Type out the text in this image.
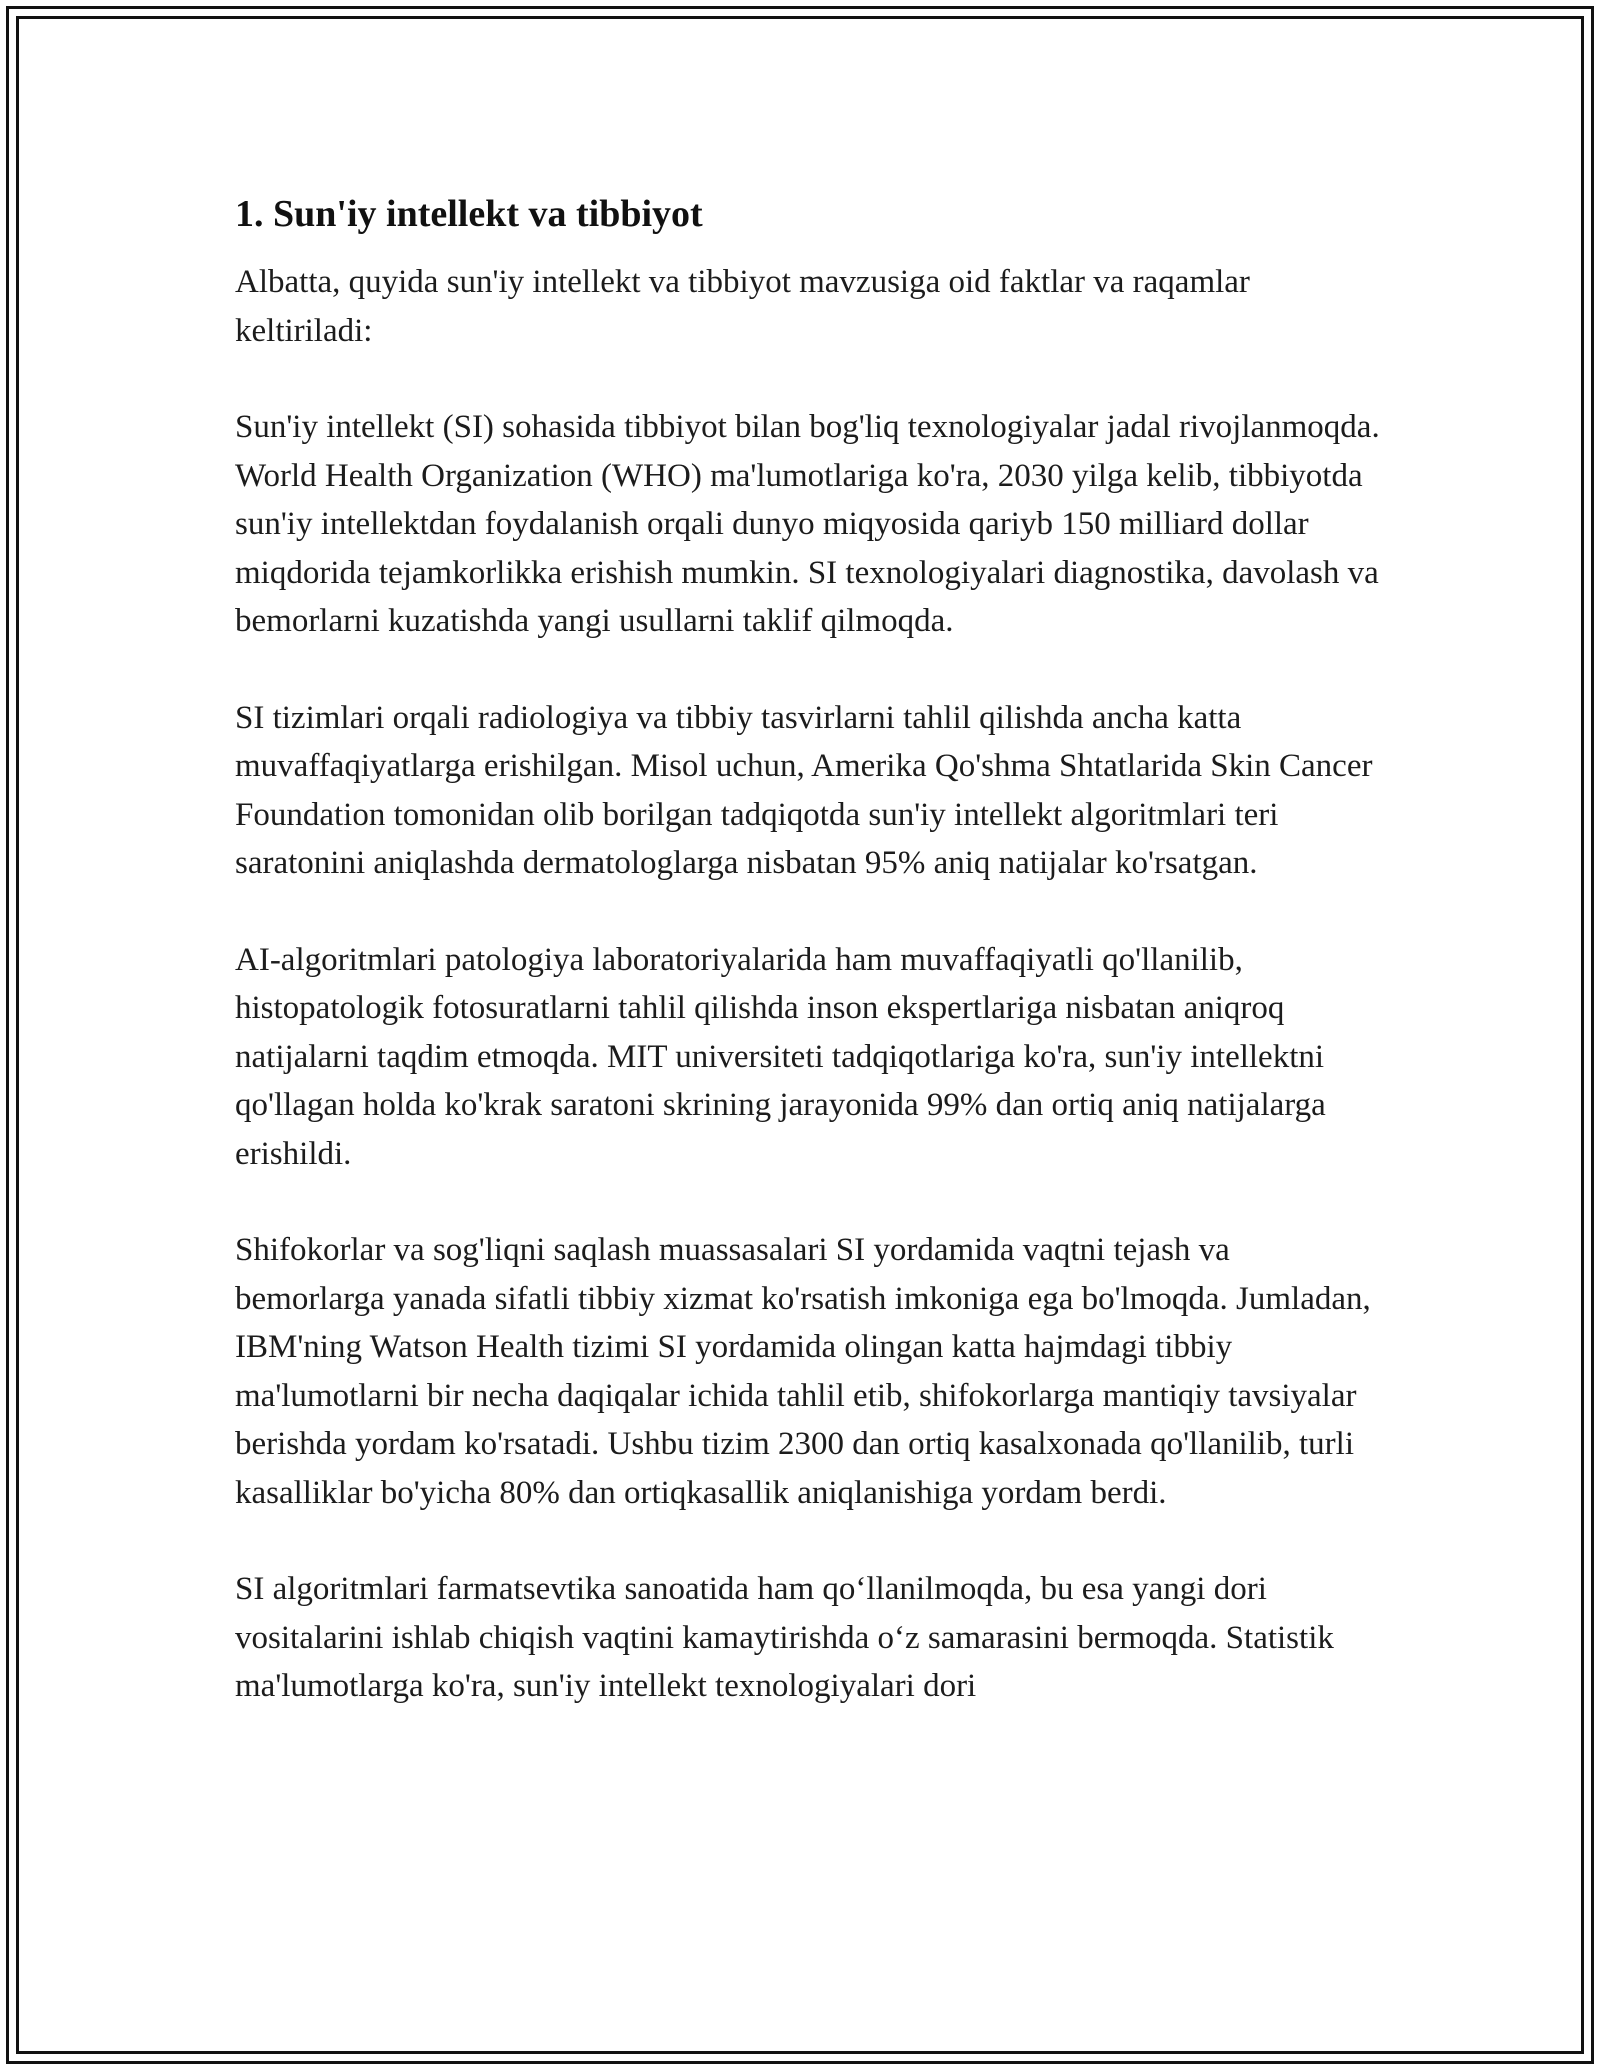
1. Sun'iy intellekt va tibbiyot

Albatta, quyida sun'iy intellekt va tibbiyot mavzusiga oid faktlar va raqamlar keltiriladi:

Sun'iy intellekt (SI) sohasida tibbiyot bilan bog'liq texnologiyalar jadal rivojlanmoqda. World Health Organization (WHO) ma'lumotlariga ko'ra, 2030 yilga kelib, tibbiyotda sun'iy intellektdan foydalanish orqali dunyo miqyosida qariyb 150 milliard dollar miqdorida tejamkorlikka erishish mumkin. SI texnologiyalari diagnostika, davolash va bemorlarni kuzatishda yangi usullarni taklif qilmoqda.

SI tizimlari orqali radiologiya va tibbiy tasvirlarni tahlil qilishda ancha katta muvaffaqiyatlarga erishilgan. Misol uchun, Amerika Qo'shma Shtatlarida Skin Cancer Foundation tomonidan olib borilgan tadqiqotda sun'iy intellekt algoritmlari teri saratonini aniqlashda dermatologlarga nisbatan 95% aniq natijalar ko'rsatgan.

AI-algoritmlari patologiya laboratoriyalarida ham muvaffaqiyatli qo'llanilib, histopatologik fotosuratlarni tahlil qilishda inson ekspertlariga nisbatan aniqroq natijalarni taqdim etmoqda. MIT universiteti tadqiqotlariga ko'ra, sun'iy intellektni qo'llagan holda ko'krak saratoni skrining jarayonida 99% dan ortiq aniq natijalarga erishildi.

Shifokorlar va sog'liqni saqlash muassasalari SI yordamida vaqtni tejash va bemorlarga yanada sifatli tibbiy xizmat ko'rsatish imkoniga ega bo'lmoqda. Jumladan, IBM'ning Watson Health tizimi SI yordamida olingan katta hajmdagi tibbiy ma'lumotlarni bir necha daqiqalar ichida tahlil etib, shifokorlarga mantiqiy tavsiyalar berishda yordam ko'rsatadi. Ushbu tizim 2300 dan ortiq kasalxonada qo'llanilib, turli kasalliklar bo'yicha 80% dan ortiqkasallik aniqlanishiga yordam berdi.

SI algoritmlari farmatsevtika sanoatida ham qo‘llanilmoqda, bu esa yangi dori vositalarini ishlab chiqish vaqtini kamaytirishda o‘z samarasini bermoqda. Statistik ma'lumotlarga ko'ra, sun'iy intellekt texnologiyalari dori
